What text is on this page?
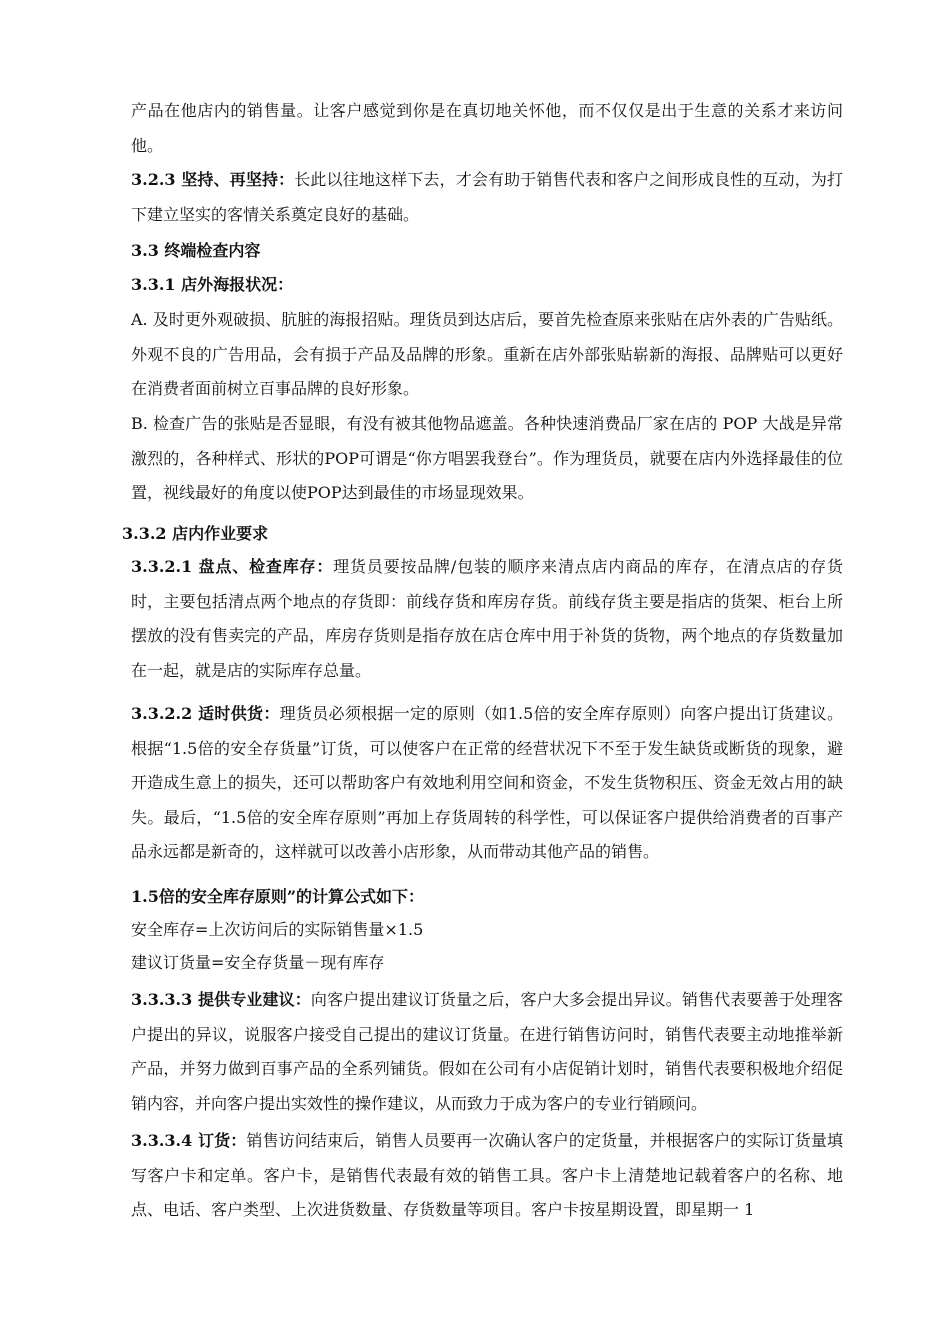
产品在他店内的销售量。让客户感觉到你是在真切地关怀他，而不仅仅是出于生意的关系才来访问他。

3.2.3 坚持、再坚持：长此以往地这样下去，才会有助于销售代表和客户之间形成良性的互动，为打下建立坚实的客情关系奠定良好的基础。

3.3 终端检查内容

3.3.1 店外海报状况：

A. 及时更外观破损、肮脏的海报招贴。理货员到达店后，要首先检查原来张贴在店外表的广告贴纸。外观不良的广告用品，会有损于产品及品牌的形象。重新在店外部张贴崭新的海报、品牌贴可以更好在消费者面前树立百事品牌的良好形象。

B. 检查广告的张贴是否显眼，有没有被其他物品遮盖。各种快速消费品厂家在店的 POP 大战是异常激烈的，各种样式、形状的POP可谓是“你方唱罢我登台”。作为理货员，就要在店内外选择最佳的位置，视线最好的角度以使POP达到最佳的市场显现效果。

3.3.2 店内作业要求

3.3.2.1 盘点、检查库存：理货员要按品牌/包装的顺序来清点店内商品的库存，在清点店的存货时，主要包括清点两个地点的存货即：前线存货和库房存货。前线存货主要是指店的货架、柜台上所摆放的没有售卖完的产品，库房存货则是指存放在店仓库中用于补货的货物，两个地点的存货数量加在一起，就是店的实际库存总量。

3.3.2.2 适时供货：理货员必须根据一定的原则（如1.5倍的安全库存原则）向客户提出订货建议。根据“1.5倍的安全存货量”订货，可以使客户在正常的经营状况下不至于发生缺货或断货的现象，避开造成生意上的损失，还可以帮助客户有效地利用空间和资金，不发生货物积压、资金无效占用的缺失。最后，“1.5倍的安全库存原则”再加上存货周转的科学性，可以保证客户提供给消费者的百事产品永远都是新奇的，这样就可以改善小店形象，从而带动其他产品的销售。

1.5倍的安全库存原则”的计算公式如下：

安全库存=上次访问后的实际销售量×1.5

建议订货量=安全存货量－现有库存

3.3.3.3 提供专业建议：向客户提出建议订货量之后，客户大多会提出异议。销售代表要善于处理客户提出的异议，说服客户接受自己提出的建议订货量。在进行销售访问时，销售代表要主动地推举新产品，并努力做到百事产品的全系列铺货。假如在公司有小店促销计划时，销售代表要积极地介绍促销内容，并向客户提出实效性的操作建议，从而致力于成为客户的专业行销顾问。

3.3.3.4 订货：销售访问结束后，销售人员要再一次确认客户的定货量，并根据客户的实际订货量填写客户卡和定单。客户卡，是销售代表最有效的销售工具。客户卡上清楚地记载着客户的名称、地点、电话、客户类型、上次进货数量、存货数量等项目。客户卡按星期设置，即星期一 1
